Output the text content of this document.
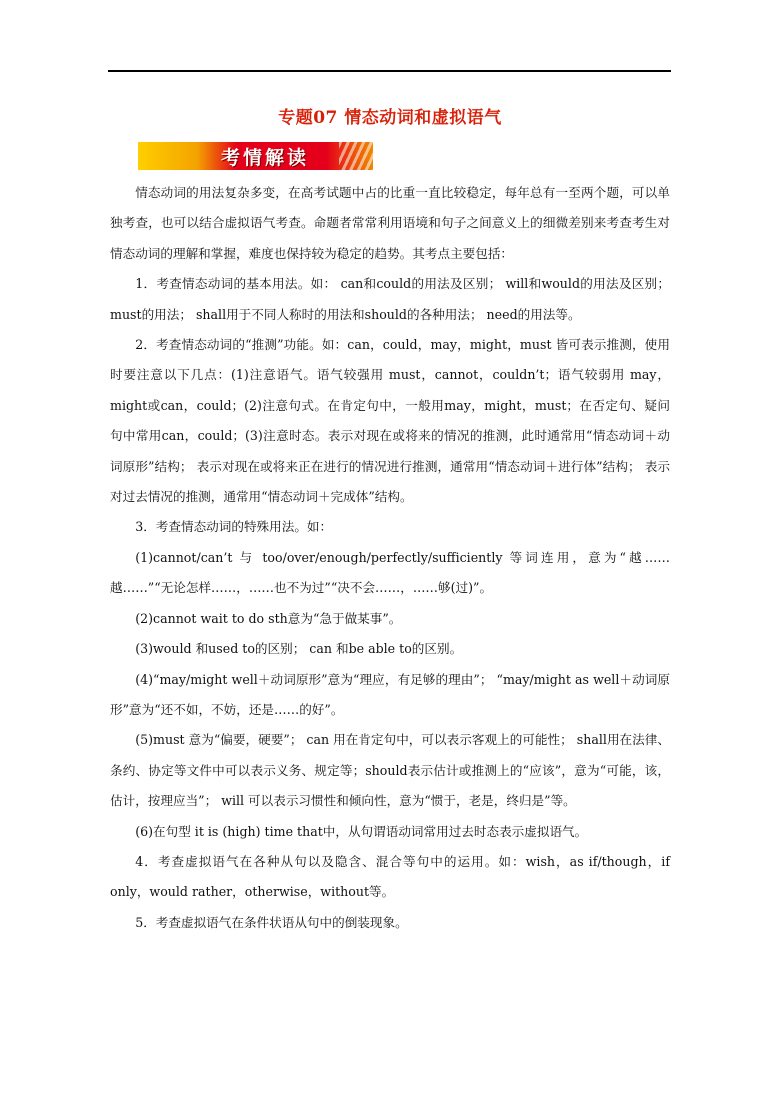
专题07 情态动词和虚拟语气
考情解读

情态动词的用法复杂多变，在高考试题中占的比重一直比较稳定，每年总有一至两个题，可以单独考查，也可以结合虚拟语气考查。命题者常常利用语境和句子之间意义上的细微差别来考查考生对情态动词的理解和掌握，难度也保持较为稳定的趋势。其考点主要包括：

1．考查情态动词的基本用法。如： can和could的用法及区别； will和would的用法及区别； must的用法； shall用于不同人称时的用法和should的各种用法； need的用法等。

2．考查情态动词的“推测”功能。如：can，could，may，might，must 皆可表示推测，使用时要注意以下几点：(1)注意语气。语气较强用 must，cannot，couldn’t；语气较弱用 may，might或can，could；(2)注意句式。在肯定句中，一般用may，might，must；在否定句、疑问句中常用can，could；(3)注意时态。表示对现在或将来的情况的推测，此时通常用“情态动词＋动词原形”结构； 表示对现在或将来正在进行的情况进行推测，通常用“情态动词＋进行体”结构； 表示对过去情况的推测，通常用“情态动词＋完成体”结构。

3．考查情态动词的特殊用法。如：

(1)cannot/can’t 与 too/over/enough/perfectly/sufficiently 等词连用，意为“越……越……”“无论怎样……，……也不为过”“决不会……，……够(过)”。

(2)cannot wait to do sth意为“急于做某事”。

(3)would 和used to的区别； can 和be able to的区别。

(4)“may/might well＋动词原形”意为“理应，有足够的理由”； “may/might as well＋动词原形”意为“还不如，不妨，还是……的好”。

(5)must 意为“偏要，硬要”； can 用在肯定句中，可以表示客观上的可能性； shall用在法律、条约、协定等文件中可以表示义务、规定等；should表示估计或推测上的“应该”，意为“可能，该，估计，按理应当”； will 可以表示习惯性和倾向性，意为“惯于，老是，终归是”等。

(6)在句型 it is (high) time that中，从句谓语动词常用过去时态表示虚拟语气。

4．考查虚拟语气在各种从句以及隐含、混合等句中的运用。如：wish，as if/though，if only，would rather，otherwise，without等。

5．考查虚拟语气在条件状语从句中的倒装现象。
